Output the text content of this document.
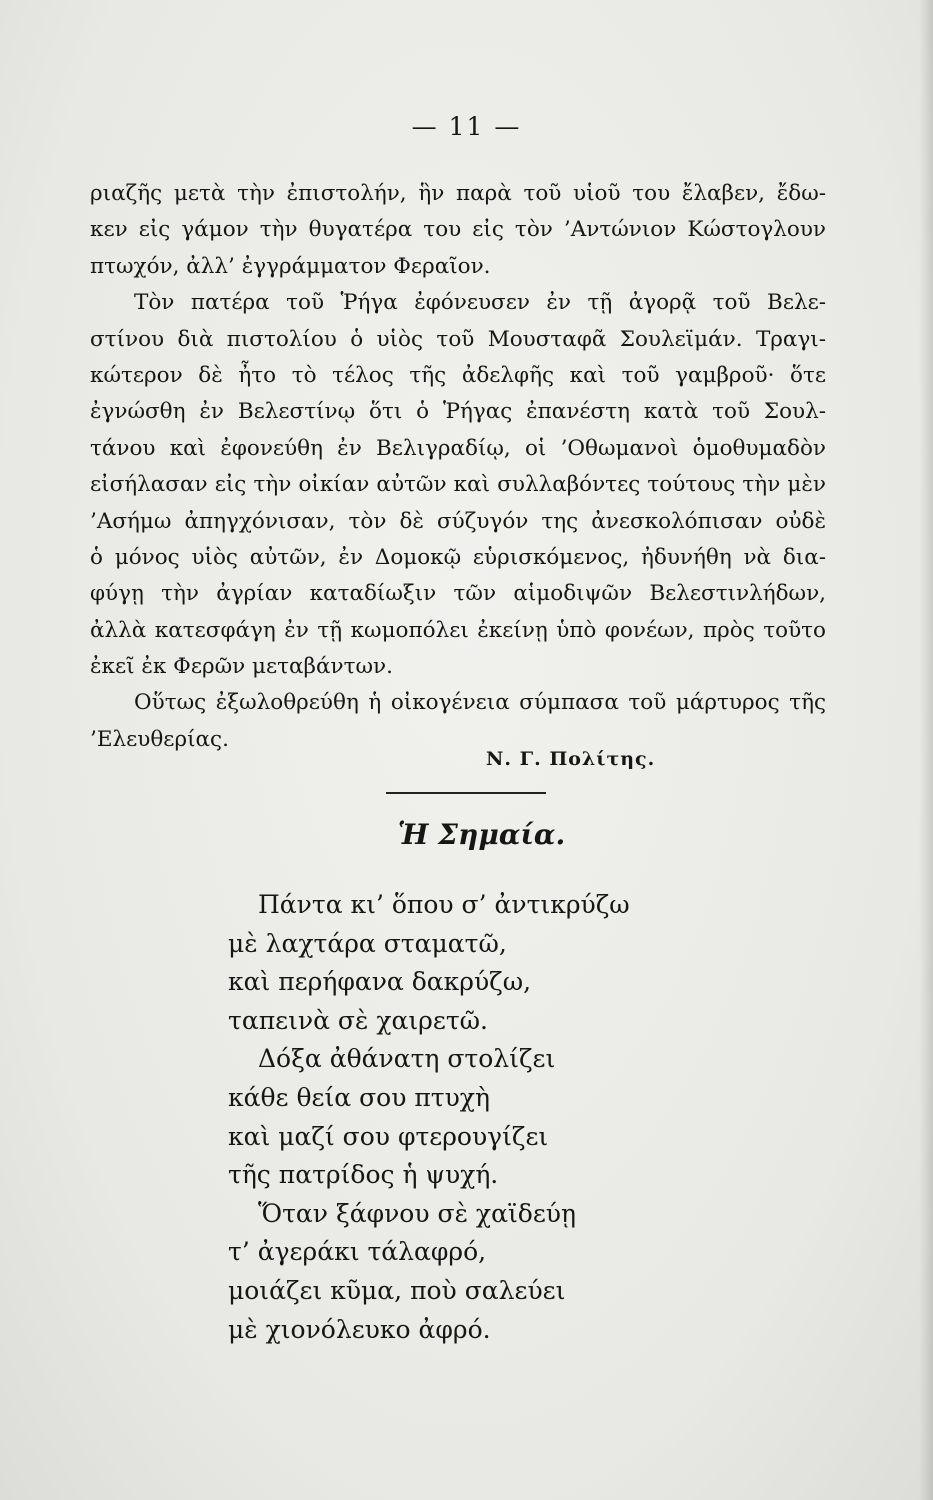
— 11 —
ριαζῆς μετὰ τὴν ἐπιστολήν, ἣν παρὰ τοῦ υἱοῦ του ἔλαβεν, ἔδω-
κεν εἰς γάμον τὴν θυγατέρα του εἰς τὸν ’Αντώνιον Κώστογλουν
πτωχόν, ἀλλ’ ἐγγράμματον Φεραῖον.
Τὸν πατέρα τοῦ Ῥήγα ἐφόνευσεν ἐν τῇ ἀγορᾷ τοῦ Βελε-
στίνου διὰ πιστολίου ὁ υἱὸς τοῦ Μουσταφᾶ Σουλεϊμάν. Τραγι-
κώτερον δὲ ἦτο τὸ τέλος τῆς ἀδελφῆς καὶ τοῦ γαμβροῦ· ὅτε
ἐγνώσθη ἐν Βελεστίνῳ ὅτι ὁ Ῥήγας ἐπανέστη κατὰ τοῦ Σουλ-
τάνου καὶ ἐφονεύθη ἐν Βελιγραδίῳ, οἱ ’Οθωμανοὶ ὁμοθυμαδὸν
εἰσήλασαν εἰς τὴν οἰκίαν αὐτῶν καὶ συλλαβόντες τούτους τὴν μὲν
’Ασήμω ἀπηγχόνισαν, τὸν δὲ σύζυγόν της ἀνεσκολόπισαν οὐδὲ
ὁ μόνος υἱὸς αὐτῶν, ἐν Δομοκῷ εὑρισκόμενος, ἠδυνήθη νὰ δια-
φύγῃ τὴν ἀγρίαν καταδίωξιν τῶν αἱμοδιψῶν Βελεστινλήδων,
ἀλλὰ κατεσφάγη ἐν τῇ κωμοπόλει ἐκείνῃ ὑπὸ φονέων, πρὸς τοῦτο
ἐκεῖ ἐκ Φερῶν μεταβάντων.
Οὕτως ἐξωλοθρεύθη ἡ οἰκογένεια σύμπασα τοῦ μάρτυρος τῆς
’Ελευθερίας.
Ν. Γ. Πολίτης.
Ἡ Σημαία.
Πάντα κι’ ὅπου σ’ ἀντικρύζω
μὲ λαχτάρα σταματῶ,
καὶ περήφανα δακρύζω,
ταπεινὰ σὲ χαιρετῶ.
Δόξα ἀθάνατη στολίζει
κάθε θεία σου πτυχὴ
καὶ μαζί σου φτερουγίζει
τῆς πατρίδος ἡ ψυχή.
Ὅταν ξάφνου σὲ χαϊδεύῃ
τ’ ἀγεράκι τάλαφρό,
μοιάζει κῦμα, ποὺ σαλεύει
μὲ χιονόλευκο ἀφρό.
